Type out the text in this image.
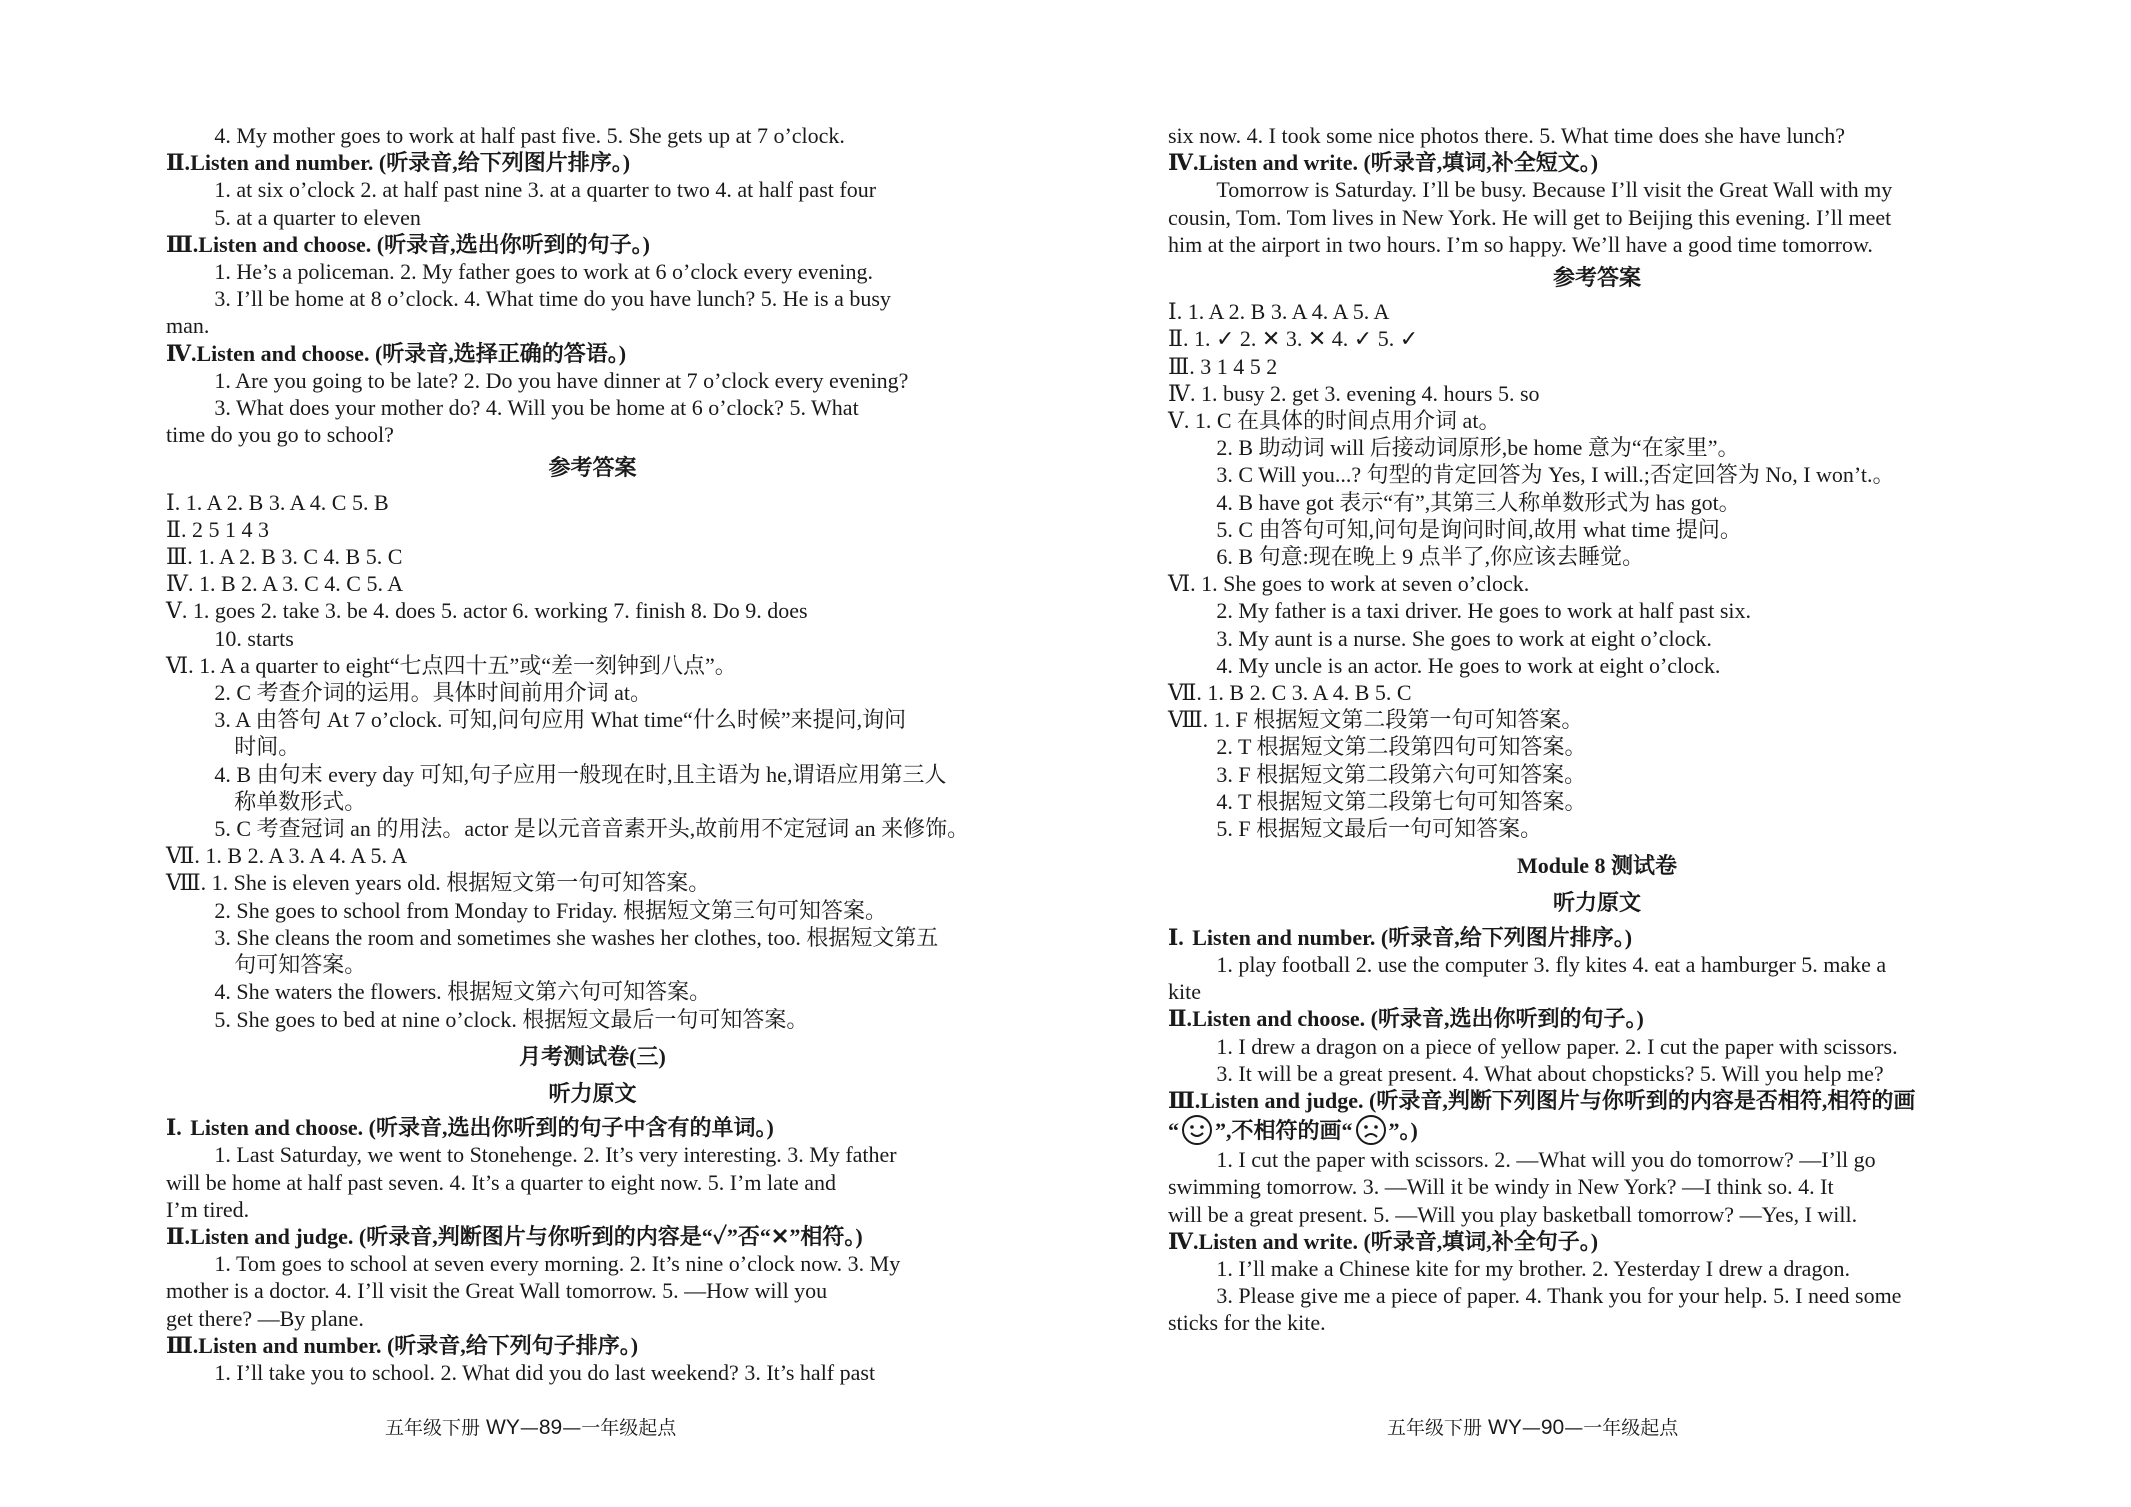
4. My mother goes to work at half past five. 5. She gets up at 7 o’clock.
Ⅱ.Listen and number. (听录音,给下列图片排序。)
1. at six o’clock 2. at half past nine 3. at a quarter to two 4. at half past four
5. at a quarter to eleven
Ⅲ.Listen and choose. (听录音,选出你听到的句子。)
1. He’s a policeman. 2. My father goes to work at 6 o’clock every evening.
3. I’ll be home at 8 o’clock. 4. What time do you have lunch? 5. He is a busy
man.
Ⅳ.Listen and choose. (听录音,选择正确的答语。)
1. Are you going to be late? 2. Do you have dinner at 7 o’clock every evening?
3. What does your mother do? 4. Will you be home at 6 o’clock? 5. What
time do you go to school?
参考答案
Ⅰ. 1. A 2. B 3. A 4. C 5. B
Ⅱ. 2 5 1 4 3
Ⅲ. 1. A 2. B 3. C 4. B 5. C
Ⅳ. 1. B 2. A 3. C 4. C 5. A
Ⅴ. 1. goes 2. take 3. be 4. does 5. actor 6. working 7. finish 8. Do 9. does
10. starts
Ⅵ. 1. A a quarter to eight“七点四十五”或“差一刻钟到八点”。
2. C 考查介词的运用。具体时间前用介词 at。
3. A 由答句 At 7 o’clock. 可知,问句应用 What time“什么时候”来提问,询问
时间。
4. B 由句末 every day 可知,句子应用一般现在时,且主语为 he,谓语应用第三人
称单数形式。
5. C 考查冠词 an 的用法。actor 是以元音音素开头,故前用不定冠词 an 来修饰。
Ⅶ. 1. B 2. A 3. A 4. A 5. A
Ⅷ. 1. She is eleven years old. 根据短文第一句可知答案。
2. She goes to school from Monday to Friday. 根据短文第三句可知答案。
3. She cleans the room and sometimes she washes her clothes, too. 根据短文第五
句可知答案。
4. She waters the flowers. 根据短文第六句可知答案。
5. She goes to bed at nine o’clock. 根据短文最后一句可知答案。
月考测试卷(三)
听力原文
Ⅰ. Listen and choose. (听录音,选出你听到的句子中含有的单词。)
1. Last Saturday, we went to Stonehenge. 2. It’s very interesting. 3. My father
will be home at half past seven. 4. It’s a quarter to eight now. 5. I’m late and
I’m tired.
Ⅱ.Listen and judge. (听录音,判断图片与你听到的内容是“✓”否“✕”相符。)
1. Tom goes to school at seven every morning. 2. It’s nine o’clock now. 3. My
mother is a doctor. 4. I’ll visit the Great Wall tomorrow. 5. —How will you
get there? —By plane.
Ⅲ.Listen and number. (听录音,给下列句子排序。)
1. I’ll take you to school. 2. What did you do last weekend? 3. It’s half past
six now. 4. I took some nice photos there. 5. What time does she have lunch?
Ⅳ.Listen and write. (听录音,填词,补全短文。)
Tomorrow is Saturday. I’ll be busy. Because I’ll visit the Great Wall with my
cousin, Tom. Tom lives in New York. He will get to Beijing this evening. I’ll meet
him at the airport in two hours. I’m so happy. We’ll have a good time tomorrow.
参考答案
Ⅰ. 1. A 2. B 3. A 4. A 5. A
Ⅱ. 1. ✓ 2. ✕ 3. ✕ 4. ✓ 5. ✓
Ⅲ. 3 1 4 5 2
Ⅳ. 1. busy 2. get 3. evening 4. hours 5. so
Ⅴ. 1. C 在具体的时间点用介词 at。
2. B 助动词 will 后接动词原形,be home 意为“在家里”。
3. C Will you...? 句型的肯定回答为 Yes, I will.;否定回答为 No, I won’t.。
4. B have got 表示“有”,其第三人称单数形式为 has got。
5. C 由答句可知,问句是询问时间,故用 what time 提问。
6. B 句意:现在晚上 9 点半了,你应该去睡觉。
Ⅵ. 1. She goes to work at seven o’clock.
2. My father is a taxi driver. He goes to work at half past six.
3. My aunt is a nurse. She goes to work at eight o’clock.
4. My uncle is an actor. He goes to work at eight o’clock.
Ⅶ. 1. B 2. C 3. A 4. B 5. C
Ⅷ. 1. F 根据短文第二段第一句可知答案。
2. T 根据短文第二段第四句可知答案。
3. F 根据短文第二段第六句可知答案。
4. T 根据短文第二段第七句可知答案。
5. F 根据短文最后一句可知答案。
Module 8 测试卷
听力原文
Ⅰ. Listen and number. (听录音,给下列图片排序。)
1. play football 2. use the computer 3. fly kites 4. eat a hamburger 5. make a
kite
Ⅱ.Listen and choose. (听录音,选出你听到的句子。)
1. I drew a dragon on a piece of yellow paper. 2. I cut the paper with scissors.
3. It will be a great present. 4. What about chopsticks? 5. Will you help me?
Ⅲ.Listen and judge. (听录音,判断下列图片与你听到的内容是否相符,相符的画
“ ”,不相符的画“ ”。)
1. I cut the paper with scissors. 2. —What will you do tomorrow? —I’ll go
swimming tomorrow. 3. —Will it be windy in New York? —I think so. 4. It
will be a great present. 5. —Will you play basketball tomorrow? —Yes, I will.
Ⅳ.Listen and write. (听录音,填词,补全句子。)
1. I’ll make a Chinese kite for my brother. 2. Yesterday I drew a dragon.
3. Please give me a piece of paper. 4. Thank you for your help. 5. I need some
sticks for the kite.
五年级下册 WY—89—一年级起点	五年级下册 WY—90—一年级起点
